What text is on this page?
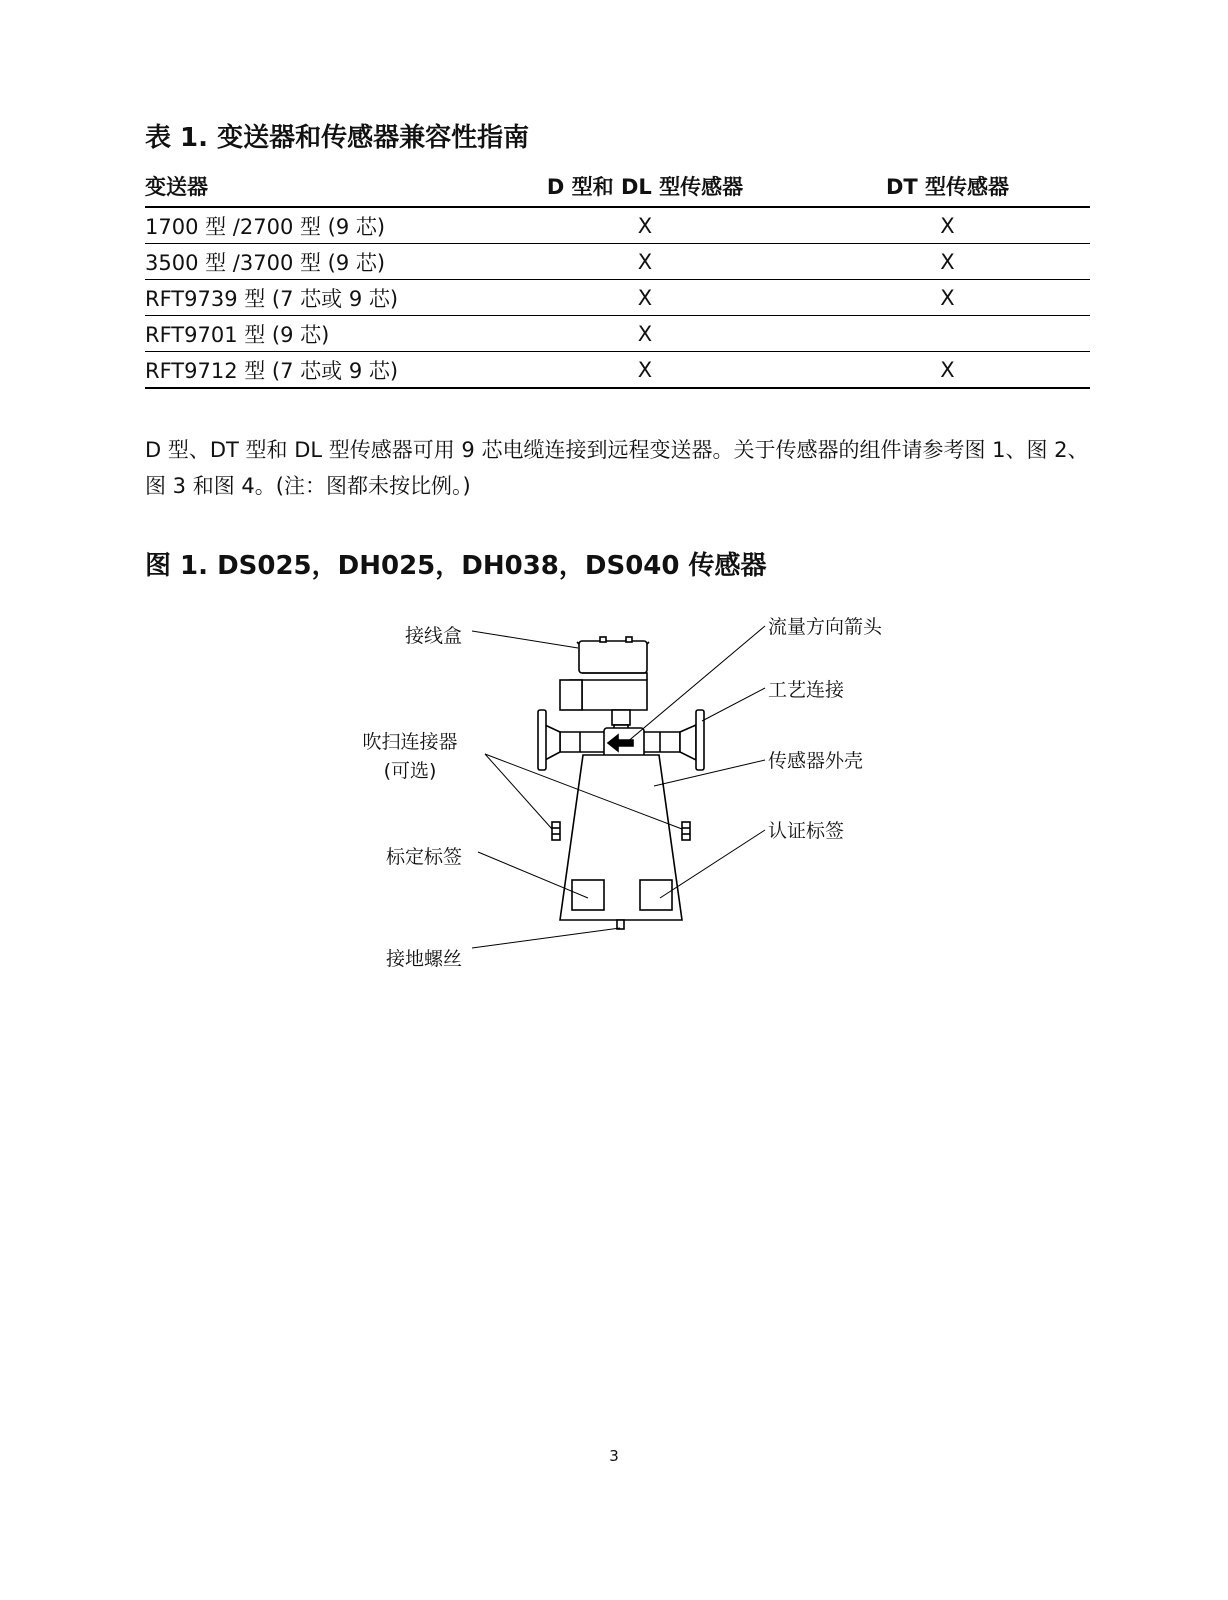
表 1. 变送器和传感器兼容性指南
变送器	D 型和 DL 型传感器	DT 型传感器
1700 型 /2700 型 (9 芯)	X	X
3500 型 /3700 型 (9 芯)	X	X
RFT9739 型 (7 芯或 9 芯)	X	X
RFT9701 型 (9 芯)	X	
RFT9712 型 (7 芯或 9 芯)	X	X
D 型、DT 型和 DL 型传感器可用 9 芯电缆连接到远程变送器。关于传感器的组件请参考图 1、图 2、图 3 和图 4。(注：图都未按比例。)
图 1. DS025，DH025，DH038，DS040 传感器
接线盒
吹扫连接器
(可选)
标定标签
接地螺丝
流量方向箭头
工艺连接
传感器外壳
认证标签
3
